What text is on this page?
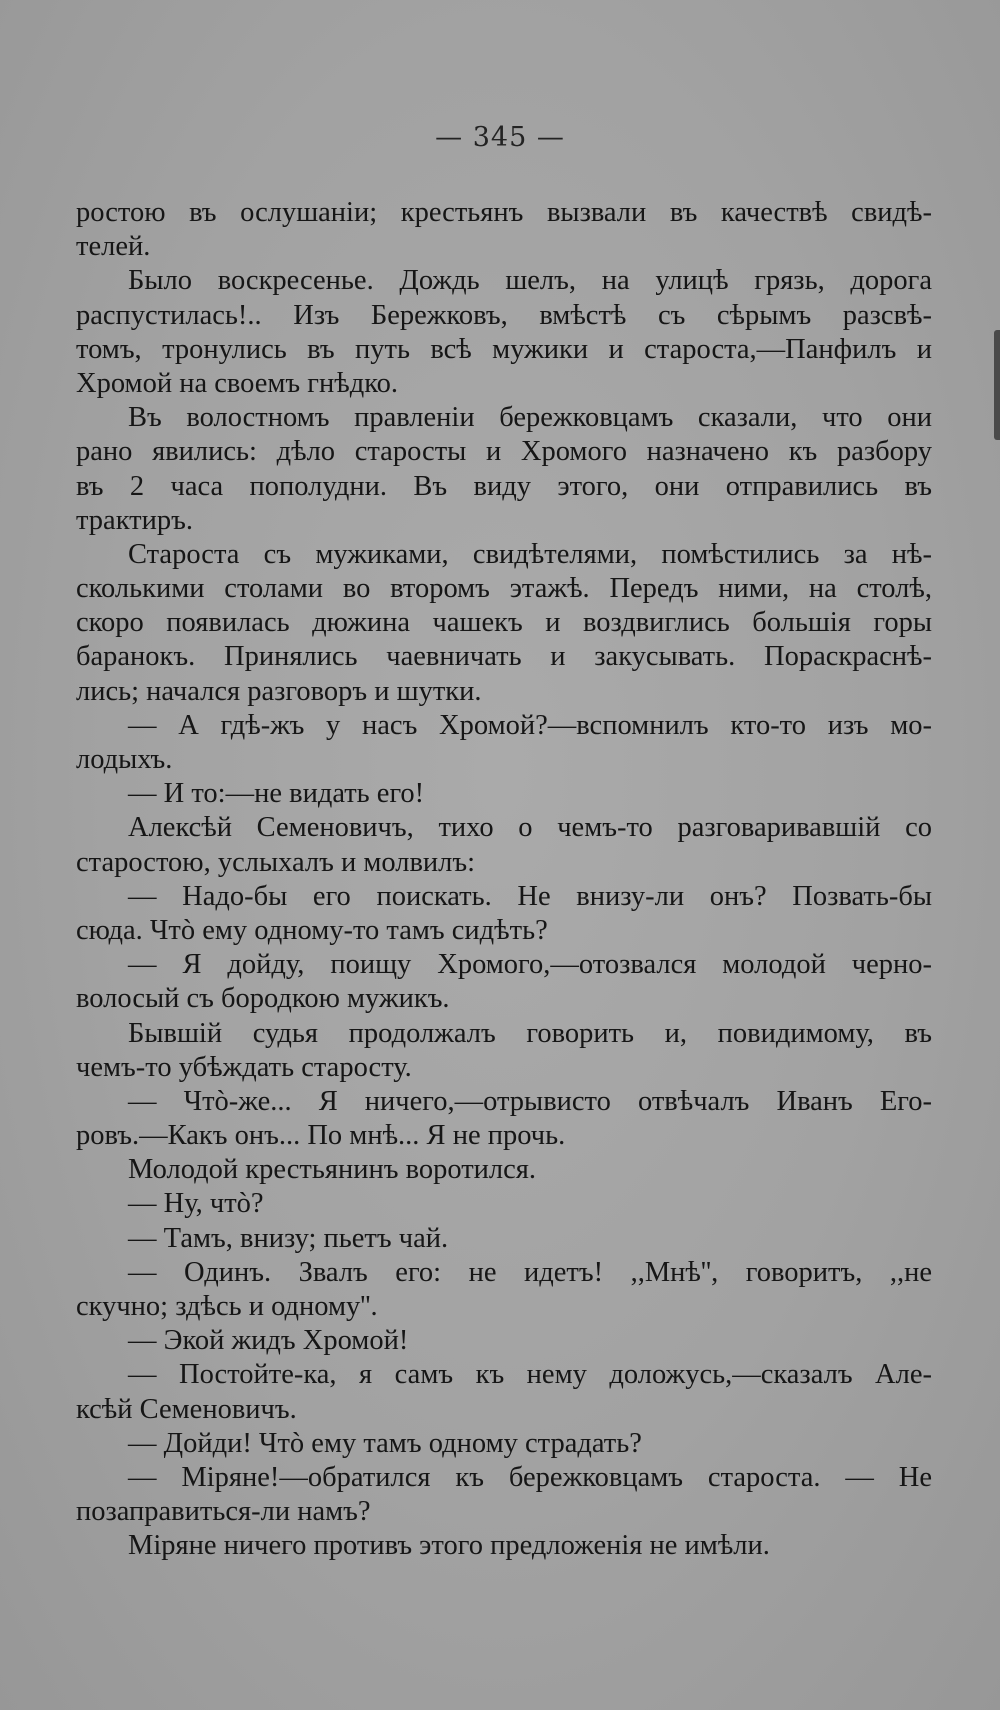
— 345 —
ростою въ ослушаніи; крестьянъ вызвали въ качествѣ свидѣ-
телей.
Было воскресенье. Дождь шелъ, на улицѣ грязь, дорога
распустилась!.. Изъ Бережковъ, вмѣстѣ съ сѣрымъ разсвѣ-
томъ, тронулись въ путь всѣ мужики и староста,—Панфилъ и
Хромой на своемъ гнѣдко.
Въ волостномъ правленіи бережковцамъ сказали, что они
рано явились: дѣло старосты и Хромого назначено къ разбору
въ 2 часа пополудни. Въ виду этого, они отправились въ
трактиръ.
Староста съ мужиками, свидѣтелями, помѣстились за нѣ-
сколькими столами во второмъ этажѣ. Передъ ними, на столѣ,
скоро появилась дюжина чашекъ и воздвиглись большія горы
баранокъ. Принялись чаевничать и закусывать. Пораскраснѣ-
лись; начался разговоръ и шутки.
— А гдѣ-жъ у насъ Хромой?—вспомнилъ кто-то изъ мо-
лодыхъ.
— И то:—не видать его!
Алексѣй Семеновичъ, тихо о чемъ-то разговаривавшій со
старостою, услыхалъ и молвилъ:
— Надо-бы его поискать. Не внизу-ли онъ? Позвать-бы
сюда. Чтò ему одному-то тамъ сидѣть?
— Я дойду, поищу Хромого,—отозвался молодой черно-
волосый съ бородкою мужикъ.
Бывшій судья продолжалъ говорить и, повидимому, въ
чемъ-то убѣждать старосту.
— Чтò-же... Я ничего,—отрывисто отвѣчалъ Иванъ Его-
ровъ.—Какъ онъ... По мнѣ... Я не прочь.
Молодой крестьянинъ воротился.
— Ну, чтò?
— Тамъ, внизу; пьетъ чай.
— Одинъ. Звалъ его: не идетъ! ,,Мнѣ'', говоритъ, ,,не
скучно; здѣсь и одному''.
— Экой жидъ Хромой!
— Постойте-ка, я самъ къ нему доложусь,—сказалъ Але-
ксѣй Семеновичъ.
— Дойди! Чтò ему тамъ одному страдать?
— Міряне!—обратился къ бережковцамъ староста. — Не
позаправиться-ли намъ?
Міряне ничего противъ этого предложенія не имѣли.
